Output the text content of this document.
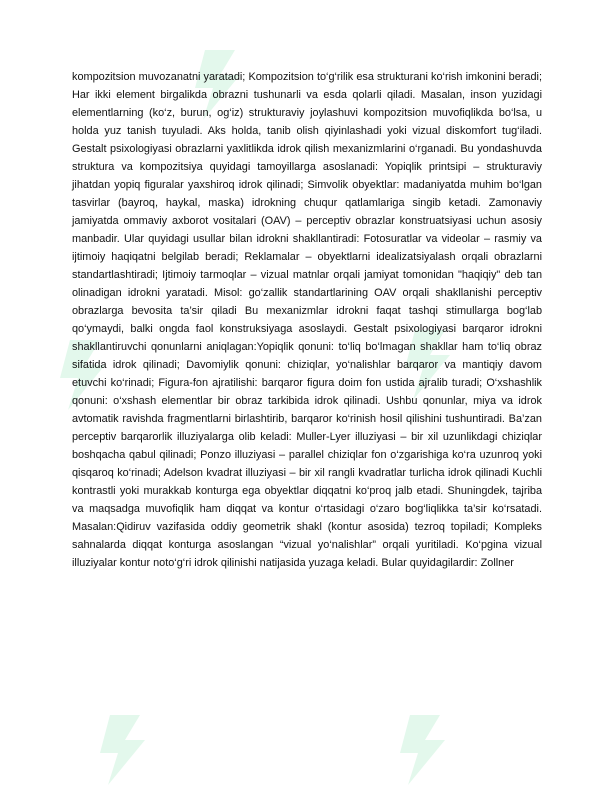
kompozitsion muvozanatni yaratadi; Kompozitsion to‘g‘rilik esa strukturani ko‘rish imkonini beradi; Har ikki element birgalikda obrazni tushunarli va esda qolarli qiladi. Masalan, inson yuzidagi elementlarning (ko‘z, burun, og‘iz) strukturaviy joylashuvi kompozitsion muvofiqlikda bo‘lsa, u holda yuz tanish tuyuladi. Aks holda, tanib olish qiyinlashadi yoki vizual diskomfort tug‘iladi. Gestalt psixologiyasi obrazlarni yaxlitlikda idrok qilish mexanizmlarini o‘rganadi. Bu yondashuvda struktura va kompozitsiya quyidagi tamoyillarga asoslanadi: Yopiqlik printsipi – strukturaviy jihatdan yopiq figuralar yaxshiroq idrok qilinadi; Simvolik obyektlar: madaniyatda muhim bo‘lgan tasvirlar (bayroq, haykal, maska) idrokning chuqur qatlamlariga singib ketadi. Zamonaviy jamiyatda ommaviy axborot vositalari (OAV) – perceptiv obrazlar konstruatsiyasi uchun asosiy manbadir. Ular quyidagi usullar bilan idrokni shakllantiradi: Fotosuratlar va videolar – rasmiy va ijtimoiy haqiqatni belgilab beradi; Reklamalar – obyektlarni idealizatsiyalash orqali obrazlarni standartlashtiradi; Ijtimoiy tarmoqlar – vizual matnlar orqali jamiyat tomonidan "haqiqiy" deb tan olinadigan idrokni yaratadi. Misol: go‘zallik standartlarining OAV orqali shakllanishi perceptiv obrazlarga bevosita ta’sir qiladi Bu mexanizmlar idrokni faqat tashqi stimullarga bog‘lab qo‘ymaydi, balki ongda faol konstruksiyaga asoslaydi. Gestalt psixologiyasi barqaror idrokni shakllantiruvchi qonunlarni aniqlagan:Yopiqlik qonuni: to‘liq bo‘lmagan shakllar ham to‘liq obraz sifatida idrok qilinadi; Davomiylik qonuni: chiziqlar, yo‘nalishlar barqaror va mantiqiy davom etuvchi ko‘rinadi; Figura-fon ajratilishi: barqaror figura doim fon ustida ajralib turadi; O‘xshashlik qonuni: o‘xshash elementlar bir obraz tarkibida idrok qilinadi. Ushbu qonunlar, miya va idrok avtomatik ravishda fragmentlarni birlashtirib, barqaror ko‘rinish hosil qilishini tushuntiradi. Ba’zan perceptiv barqarorlik illuziyalarga olib keladi: Muller-Lyer illuziyasi – bir xil uzunlikdagi chiziqlar boshqacha qabul qilinadi; Ponzo illuziyasi – parallel chiziqlar fon o‘zgarishiga ko‘ra uzunroq yoki qisqaroq ko‘rinadi; Adelson kvadrat illuziyasi – bir xil rangli kvadratlar turlicha idrok qilinadi Kuchli kontrastli yoki murakkab konturga ega obyektlar diqqatni ko‘proq jalb etadi. Shuningdek, tajriba va maqsadga muvofiqlik ham diqqat va kontur o‘rtasidagi o‘zaro bog‘liqlikka ta’sir ko‘rsatadi. Masalan:Qidiruv vazifasida oddiy geometrik shakl (kontur asosida) tezroq topiladi; Kompleks sahnalarda diqqat konturga asoslangan “vizual yo‘nalishlar” orqali yuritiladi. Ko‘pgina vizual illuziyalar kontur noto‘g‘ri idrok qilinishi natijasida yuzaga keladi. Bular quyidagilardir: Zollner
